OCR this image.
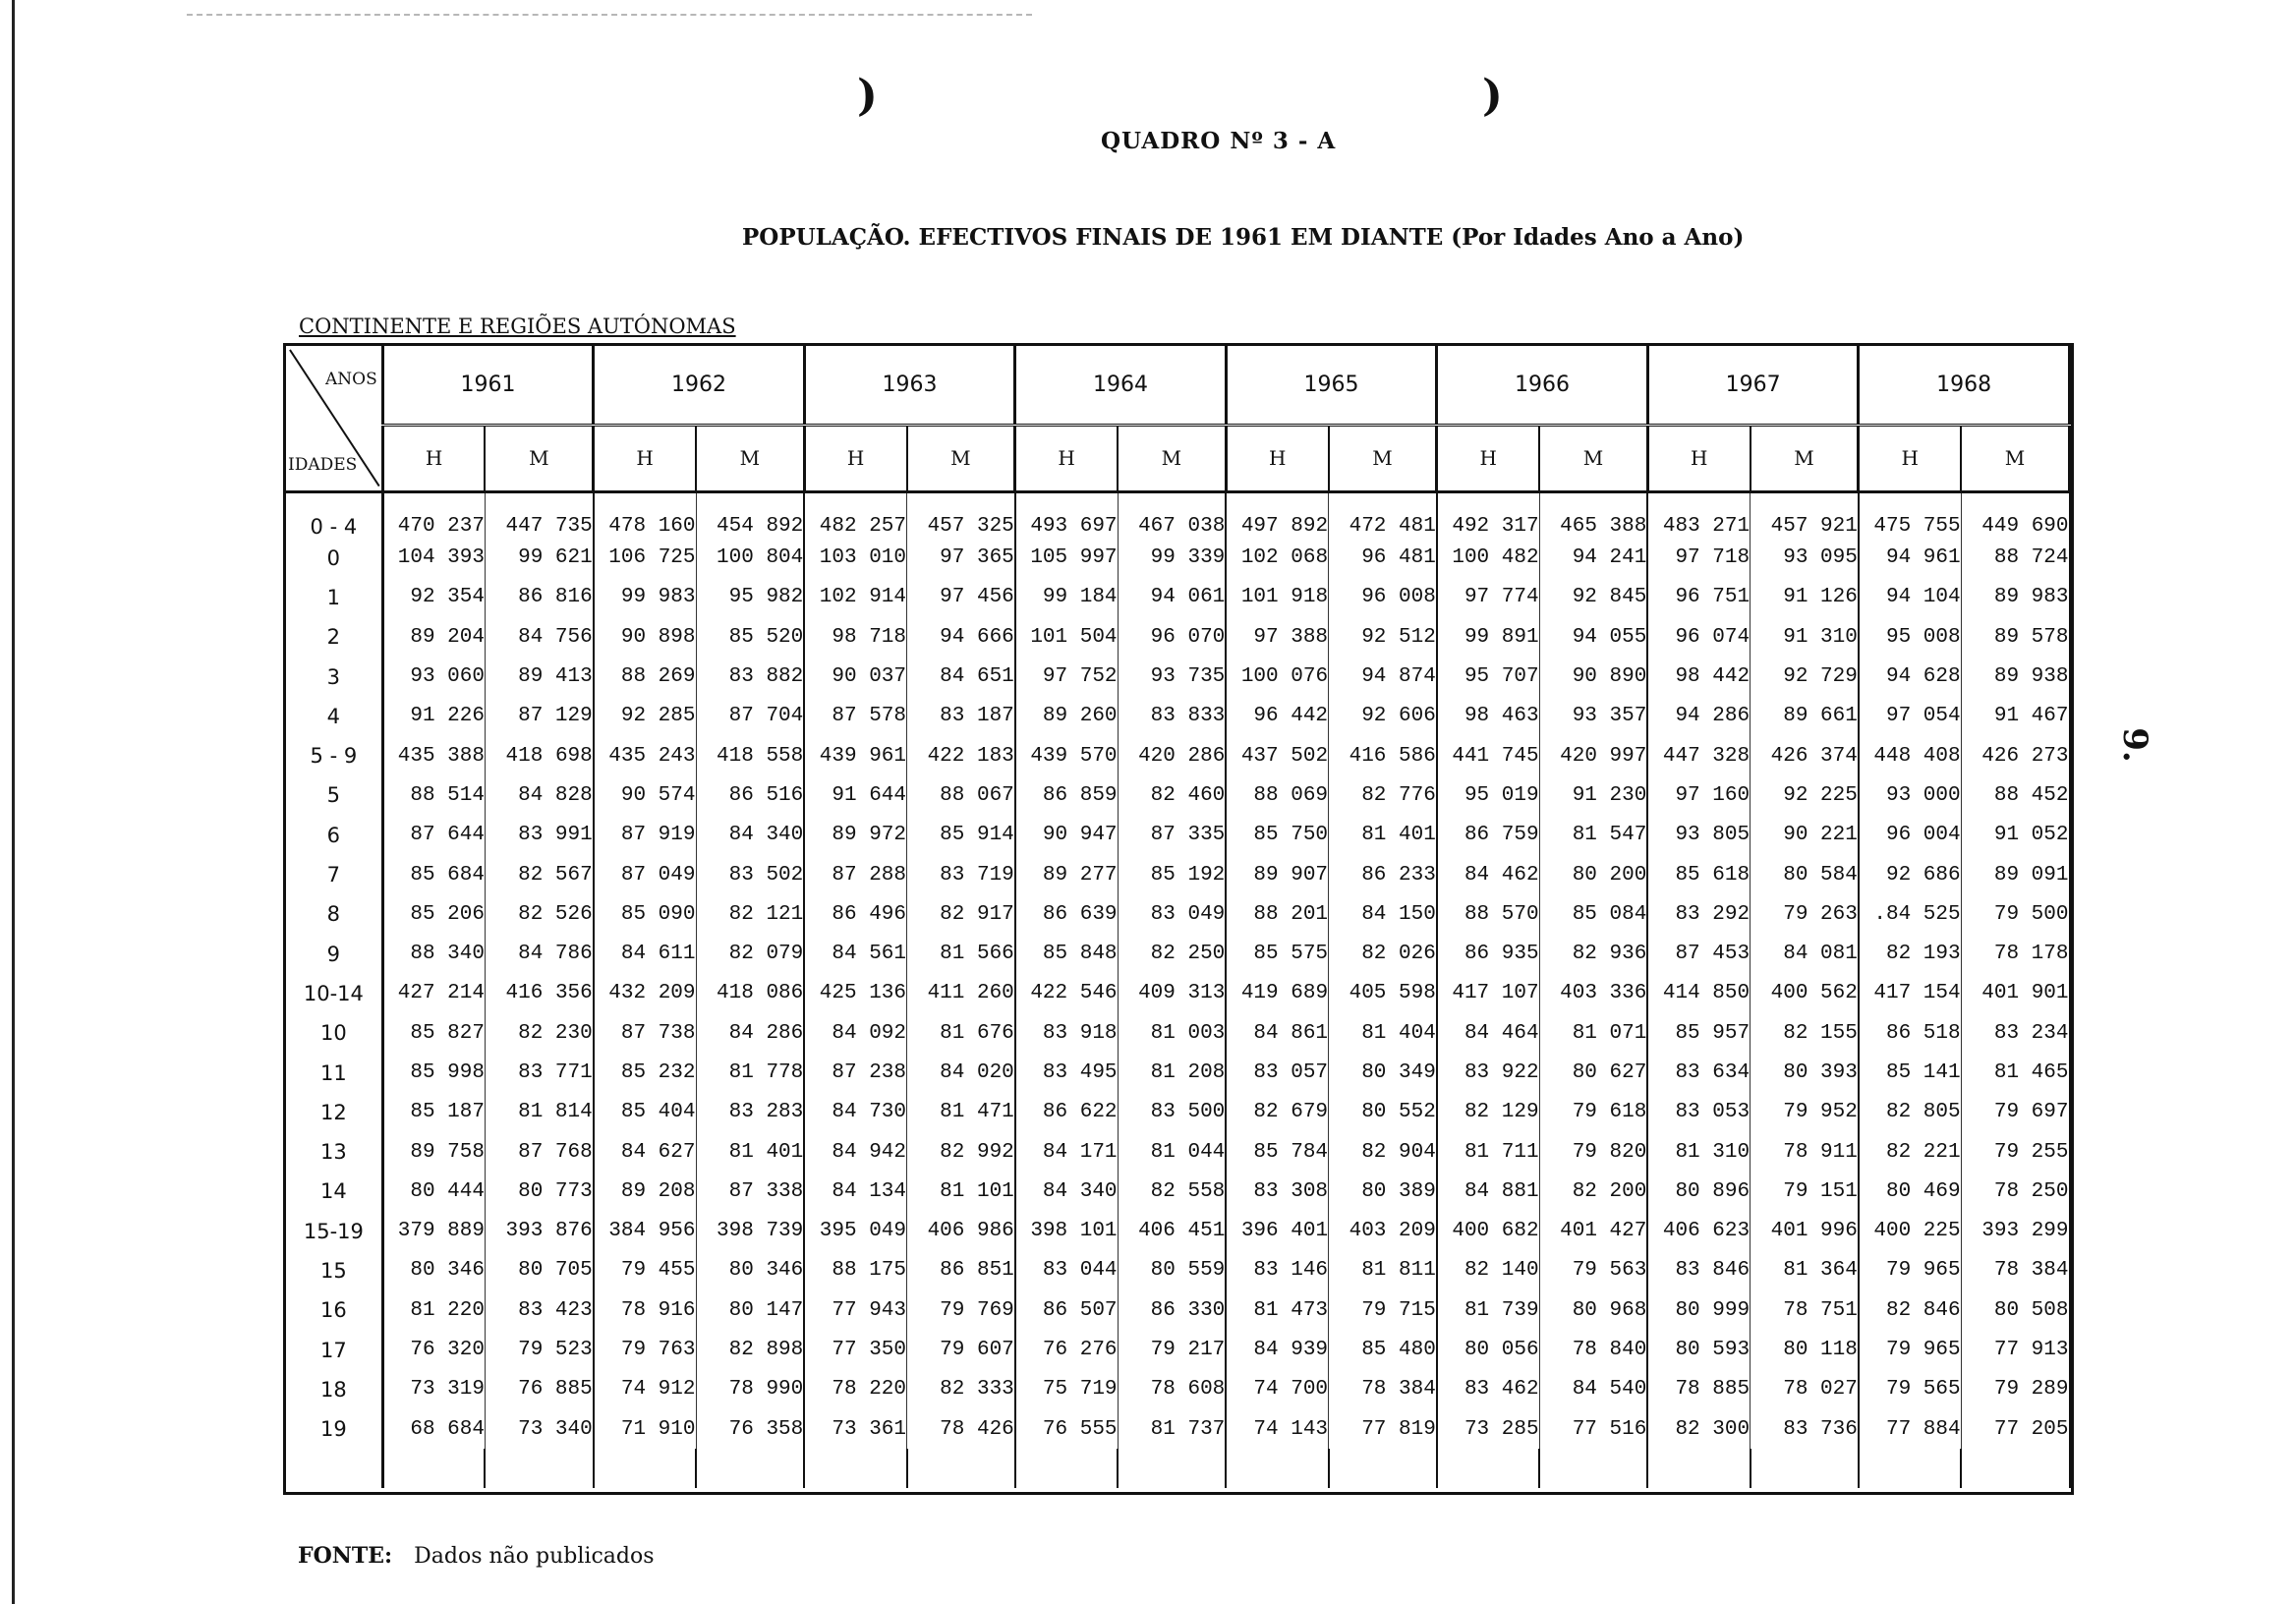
)	)
QUADRO Nº 3 - A
POPULAÇÃO. EFECTIVOS FINAIS DE 1961 EM DIANTE (Por Idades Ano a Ano)
CONTINENTE E REGIÕES AUTÓNOMAS
9.
ANOS
IDADES	1961		1962		1963		1964		1965		1966		1967		1968	
	H	M	H	M	H	M	H	M	H	M	H	M	H	M	H	M
0 - 4	470 237	447 735	478 160	454 892	482 257	457 325	493 697	467 038	497 892	472 481	492 317	465 388	483 271	457 921	475 755	449 690
0	104 393	99 621	106 725	100 804	103 010	97 365	105 997	99 339	102 068	96 481	100 482	94 241	97 718	93 095	94 961	88 724
1	92 354	86 816	99 983	95 982	102 914	97 456	99 184	94 061	101 918	96 008	97 774	92 845	96 751	91 126	94 104	89 983
2	89 204	84 756	90 898	85 520	98 718	94 666	101 504	96 070	97 388	92 512	99 891	94 055	96 074	91 310	95 008	89 578
3	93 060	89 413	88 269	83 882	90 037	84 651	97 752	93 735	100 076	94 874	95 707	90 890	98 442	92 729	94 628	89 938
4	91 226	87 129	92 285	87 704	87 578	83 187	89 260	83 833	96 442	92 606	98 463	93 357	94 286	89 661	97 054	91 467
5 - 9	435 388	418 698	435 243	418 558	439 961	422 183	439 570	420 286	437 502	416 586	441 745	420 997	447 328	426 374	448 408	426 273
5	88 514	84 828	90 574	86 516	91 644	88 067	86 859	82 460	88 069	82 776	95 019	91 230	97 160	92 225	93 000	88 452
6	87 644	83 991	87 919	84 340	89 972	85 914	90 947	87 335	85 750	81 401	86 759	81 547	93 805	90 221	96 004	91 052
7	85 684	82 567	87 049	83 502	87 288	83 719	89 277	85 192	89 907	86 233	84 462	80 200	85 618	80 584	92 686	89 091
8	85 206	82 526	85 090	82 121	86 496	82 917	86 639	83 049	88 201	84 150	88 570	85 084	83 292	79 263	.84 525	79 500
9	88 340	84 786	84 611	82 079	84 561	81 566	85 848	82 250	85 575	82 026	86 935	82 936	87 453	84 081	82 193	78 178
10-14	427 214	416 356	432 209	418 086	425 136	411 260	422 546	409 313	419 689	405 598	417 107	403 336	414 850	400 562	417 154	401 901
10	85 827	82 230	87 738	84 286	84 092	81 676	83 918	81 003	84 861	81 404	84 464	81 071	85 957	82 155	86 518	83 234
11	85 998	83 771	85 232	81 778	87 238	84 020	83 495	81 208	83 057	80 349	83 922	80 627	83 634	80 393	85 141	81 465
12	85 187	81 814	85 404	83 283	84 730	81 471	86 622	83 500	82 679	80 552	82 129	79 618	83 053	79 952	82 805	79 697
13	89 758	87 768	84 627	81 401	84 942	82 992	84 171	81 044	85 784	82 904	81 711	79 820	81 310	78 911	82 221	79 255
14	80 444	80 773	89 208	87 338	84 134	81 101	84 340	82 558	83 308	80 389	84 881	82 200	80 896	79 151	80 469	78 250
15-19	379 889	393 876	384 956	398 739	395 049	406 986	398 101	406 451	396 401	403 209	400 682	401 427	406 623	401 996	400 225	393 299
15	80 346	80 705	79 455	80 346	88 175	86 851	83 044	80 559	83 146	81 811	82 140	79 563	83 846	81 364	79 965	78 384
16	81 220	83 423	78 916	80 147	77 943	79 769	86 507	86 330	81 473	79 715	81 739	80 968	80 999	78 751	82 846	80 508
17	76 320	79 523	79 763	82 898	77 350	79 607	76 276	79 217	84 939	85 480	80 056	78 840	80 593	80 118	79 965	77 913
18	73 319	76 885	74 912	78 990	78 220	82 333	75 719	78 608	74 700	78 384	83 462	84 540	78 885	78 027	79 565	79 289
19	68 684	73 340	71 910	76 358	73 361	78 426	76 555	81 737	74 143	77 819	73 285	77 516	82 300	83 736	77 884	77 205

FONTE: Dados não publicados
